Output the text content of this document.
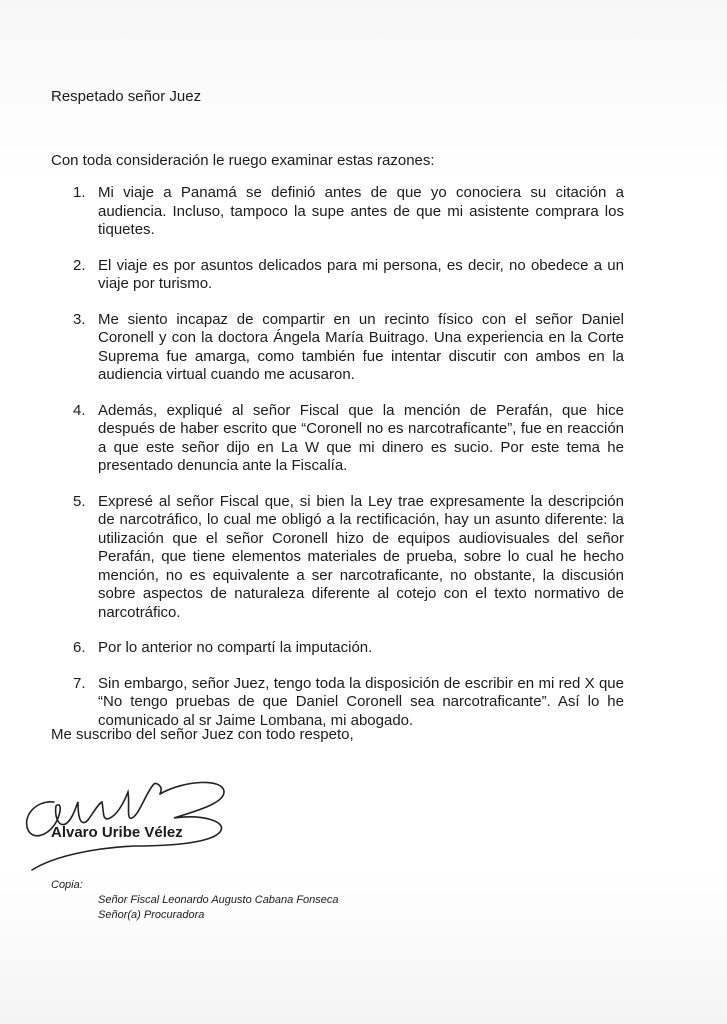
Respetado señor Juez
Con toda consideración le ruego examinar estas razones:
1. Mi viaje a Panamá se definió antes de que yo conociera su citación a audiencia. Incluso, tampoco la supe antes de que mi asistente comprara los tiquetes.
2. El viaje es por asuntos delicados para mi persona, es decir, no obedece a un viaje por turismo.
3. Me siento incapaz de compartir en un recinto físico con el señor Daniel Coronell y con la doctora Ángela María Buitrago. Una experiencia en la Corte Suprema fue amarga, como también fue intentar discutir con ambos en la audiencia virtual cuando me acusaron.
4. Además, expliqué al señor Fiscal que la mención de Perafán, que hice después de haber escrito que “Coronell no es narcotraficante”, fue en reacción a que este señor dijo en La W que mi dinero es sucio. Por este tema he presentado denuncia ante la Fiscalía.
5. Expresé al señor Fiscal que, si bien la Ley trae expresamente la descripción de narcotráfico, lo cual me obligó a la rectificación, hay un asunto diferente: la utilización que el señor Coronell hizo de equipos audiovisuales del señor Perafán, que tiene elementos materiales de prueba, sobre lo cual he hecho mención, no es equivalente a ser narcotraficante, no obstante, la discusión sobre aspectos de naturaleza diferente al cotejo con el texto normativo de narcotráfico.
6. Por lo anterior no compartí la imputación.
7. Sin embargo, señor Juez, tengo toda la disposición de escribir en mi red X que “No tengo pruebas de que Daniel Coronell sea narcotraficante”. Así lo he comunicado al sr Jaime Lombana, mi abogado.
Me suscribo del señor Juez con todo respeto,
Alvaro Uribe Vélez
Copia:
Señor Fiscal Leonardo Augusto Cabana Fonseca
Señor(a) Procuradora
